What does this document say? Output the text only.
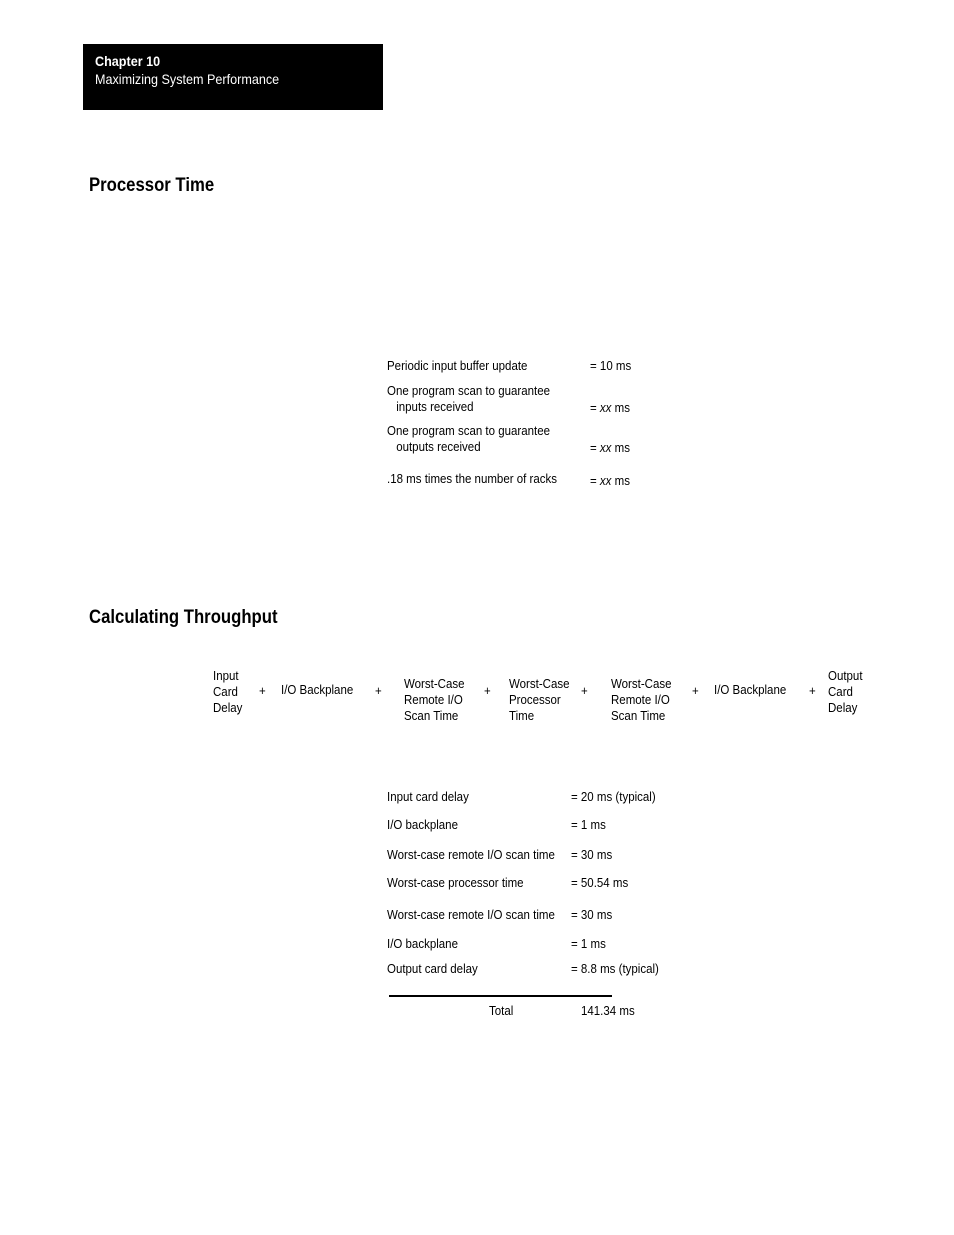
Chapter 10
Maximizing System Performance
Processor Time
Periodic input buffer update	= 10 ms
One program scan to guarantee
inputs received	= xx ms
One program scan to guarantee
outputs received	= xx ms
.18 ms times the number of racks	= xx ms
Calculating Throughput
Input
Card
Delay
+ I/O Backplane + Worst-Case
Remote I/O
Scan Time
+ Worst-Case
Processor
Time
+ Worst-Case
Remote I/O
Scan Time
+ I/O Backplane +
Output
Card
Delay
Input card delay	= 20 ms (typical)
I/O backplane	= 1 ms
Worst-case remote I/O scan time = 30 ms
Worst-case processor time	= 50.54 ms
Worst-case remote I/O scan time = 30 ms
I/O backplane	= 1 ms
Output card delay	= 8.8 ms (typical)
Total	141.34 ms
